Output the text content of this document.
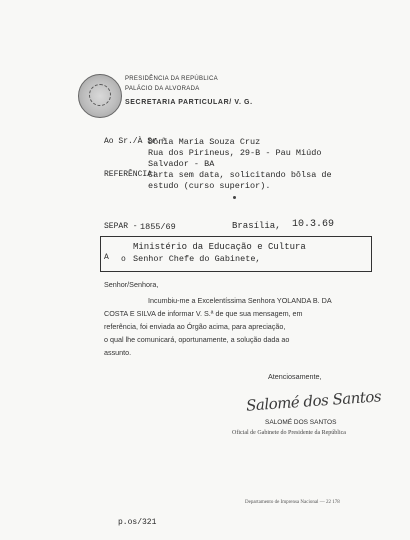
PRESIDÊNCIA DA REPÚBLICA
PALÁCIO DA ALVORADA
SECRETARIA PARTICULAR/ V. G.
Ao Sr./À Sr.ª
Dônia Maria Souza Cruz
Rua dos Pirineus, 29-B - Pau Miúdo
Salvador - BA
REFERÊNCIA:
Carta sem data, solicitando bôlsa de
estudo (curso superior).
SEPAR - 1855/69	Brasília, 10.3.69
A o
Ministério da Educação e Cultura
Senhor Chefe do Gabinete,
Senhor/Senhora,
Incumbiu-me a Excelentíssima Senhora YOLANDA B. DA
COSTA E SILVA de informar V. S.ª de que sua mensagem, em
referência, foi enviada ao Órgão acima, para apreciação,
o qual lhe comunicará, oportunamente, a solução dada ao
assunto.
Atenciosamente,
Salomé dos Santos
SALOMÉ DOS SANTOS
Oficial de Gabinete do Presidente da República
Departamento de Imprensa Nacional — 22 178
p.os/321
